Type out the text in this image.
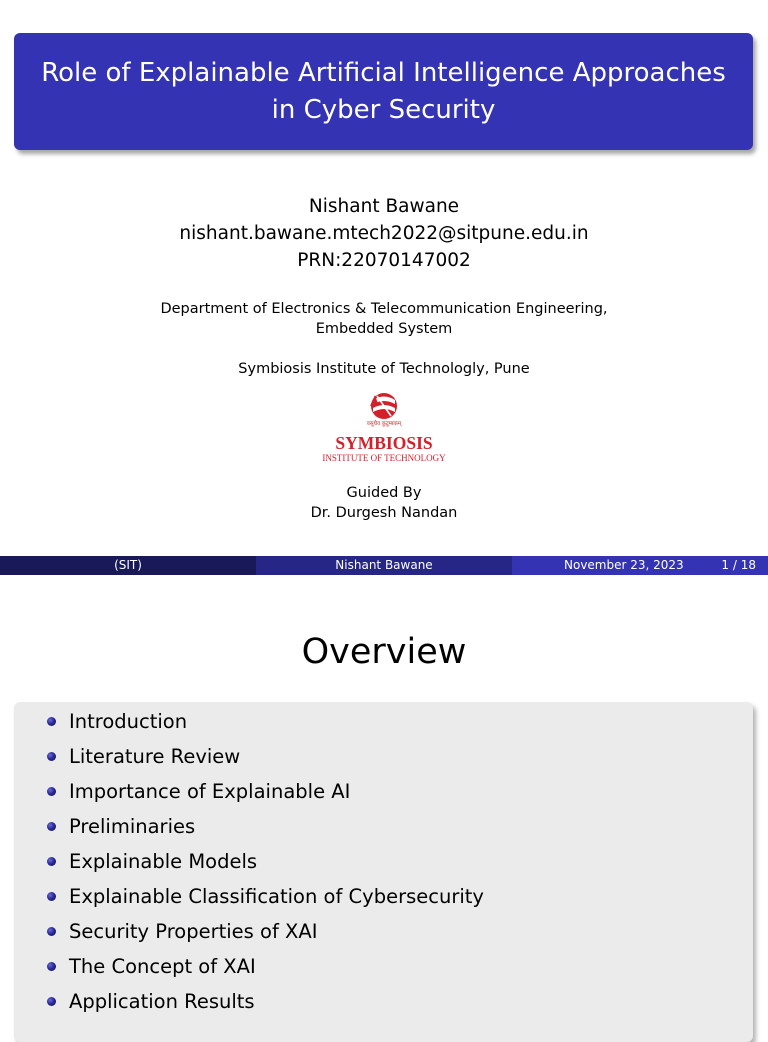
Role of Explainable Artificial Intelligence Approaches in Cyber Security
Nishant Bawane
nishant.bawane.mtech2022@sitpune.edu.in
PRN:22070147002
Department of Electronics & Telecommunication Engineering,
Embedded System
Symbiosis Institute of Technologly, Pune
वसुधैव कुटुम्बकम्
SYMBIOSIS
INSTITUTE OF TECHNOLOGY
Guided By
Dr. Durgesh Nandan
(SIT)	Nishant Bawane	November 23, 2023	1 / 18
Overview
Introduction
Literature Review
Importance of Explainable AI
Preliminaries
Explainable Models
Explainable Classification of Cybersecurity
Security Properties of XAI
The Concept of XAI
Application Results
